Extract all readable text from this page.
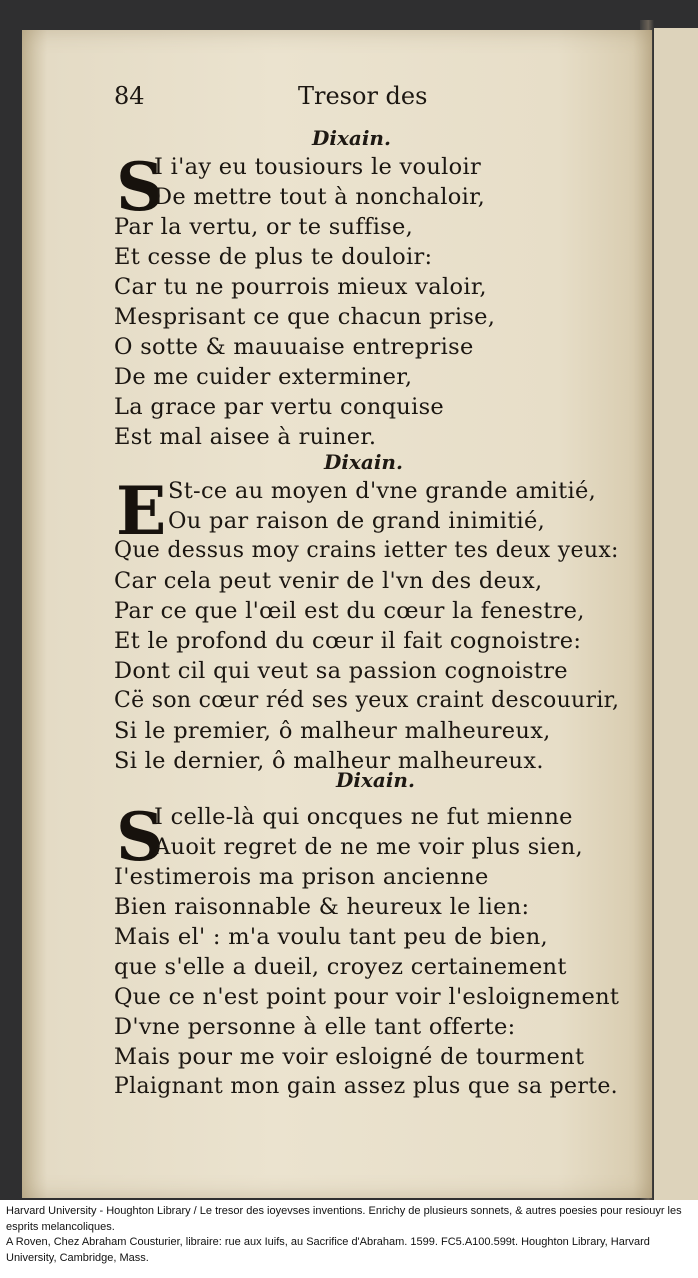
84	Tresor des
Dixain.
S
I i'ay eu tousiours le vouloir
De mettre tout à nonchaloir,
Par la vertu, or te suffise,
Et cesse de plus te douloir:
Car tu ne pourrois mieux valoir,
Mesprisant ce que chacun prise,
O sotte & mauuaise entreprise
De me cuider exterminer,
La grace par vertu conquise
Est mal aisee à ruiner.
Dixain.
E St-ce au moyen d'vne grande amitié,
Ou par raison de grand inimitié,
Que dessus moy crains ietter tes deux yeux:
Car cela peut venir de l'vn des deux,
Par ce que l'œil est du cœur la fenestre,
Et le profond du cœur il fait cognoistre:
Dont cil qui veut sa passion cognoistre
Cë son cœur réd ses yeux craint descouurir,
Si le premier, ô malheur malheureux,
Si le dernier, ô malheur malheureux.
Dixain.
S
I celle-là qui oncques ne fut mienne
Auoit regret de ne me voir plus sien,
I'estimerois ma prison ancienne
Bien raisonnable & heureux le lien:
Mais el' : m'a voulu tant peu de bien,
que s'elle a dueil, croyez certainement
Que ce n'est point pour voir l'esloignement
D'vne personne à elle tant offerte:
Mais pour me voir esloigné de tourment
Plaignant mon gain assez plus que sa perte.
Harvard University - Houghton Library / Le tresor des ioyevses inventions. Enrichy de plusieurs sonnets, & autres poesies pour resiouyr les esprits melancoliques.
A Roven, Chez Abraham Cousturier, libraire: rue aux Iuifs, au Sacrifice d'Abraham. 1599. FC5.A100.599t. Houghton Library, Harvard University, Cambridge, Mass.
